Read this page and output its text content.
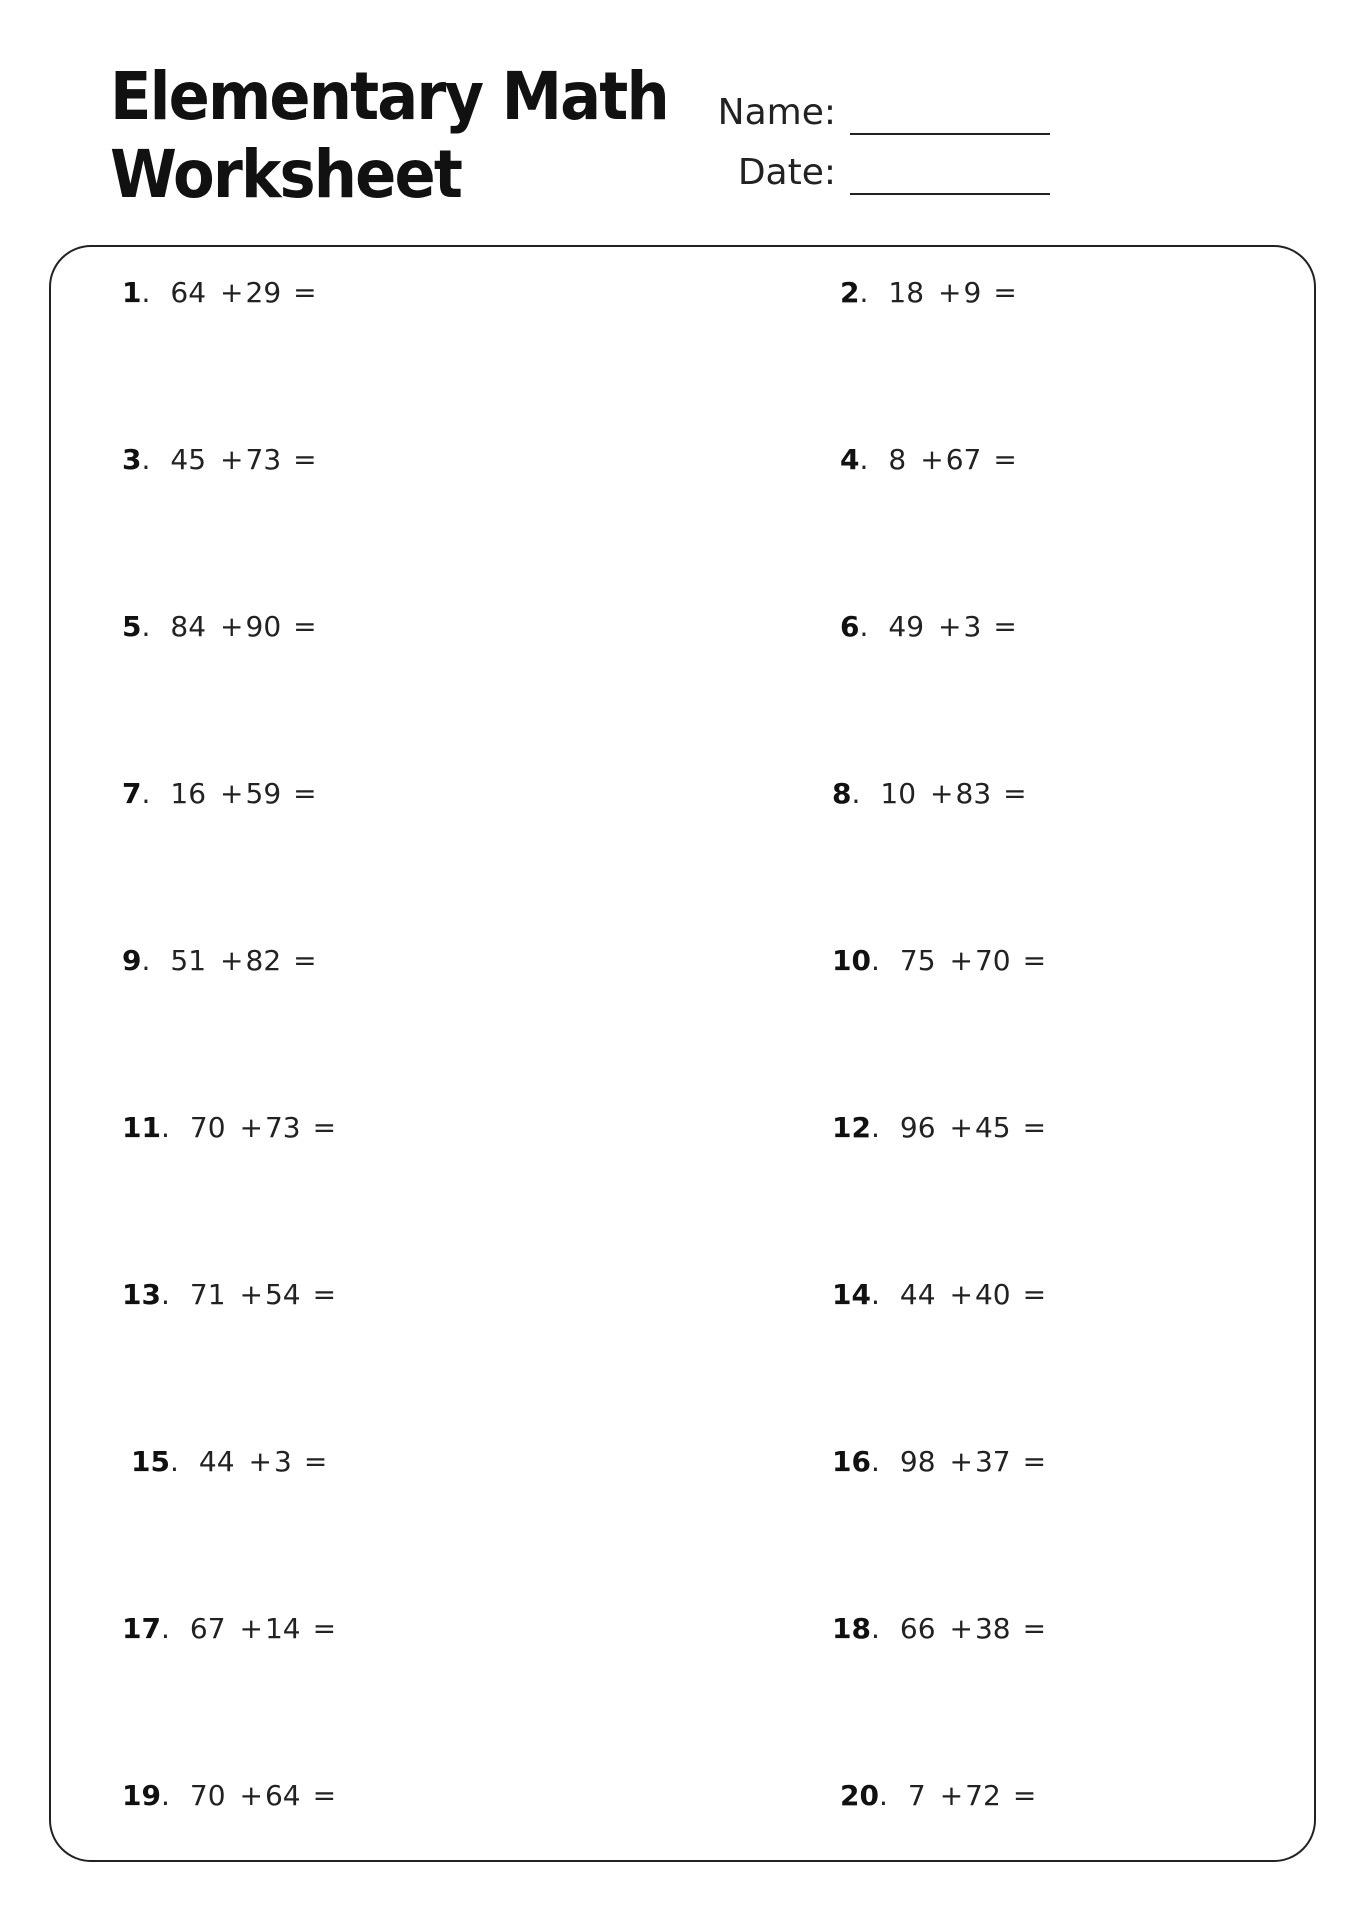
Elementary Math
Worksheet
Name:
Date:
1 . 64 + 29 =	2 . 18 + 9 =
3 . 45 + 73 =	4 . 8 + 67 =
5 . 84 + 90 =	6 . 49 + 3 =
7 . 16 + 59 =	8 . 10 + 83 =
9 . 51 + 82 =	10 . 75 + 70 =
11 . 70 + 73 =	12 . 96 + 45 =
13 . 71 + 54 =	14 . 44 + 40 =
15 . 44 + 3 =	16 . 98 + 37 =
17 . 67 + 14 =	18 . 66 + 38 =
19 . 70 + 64 =	20 . 7 + 72 =
